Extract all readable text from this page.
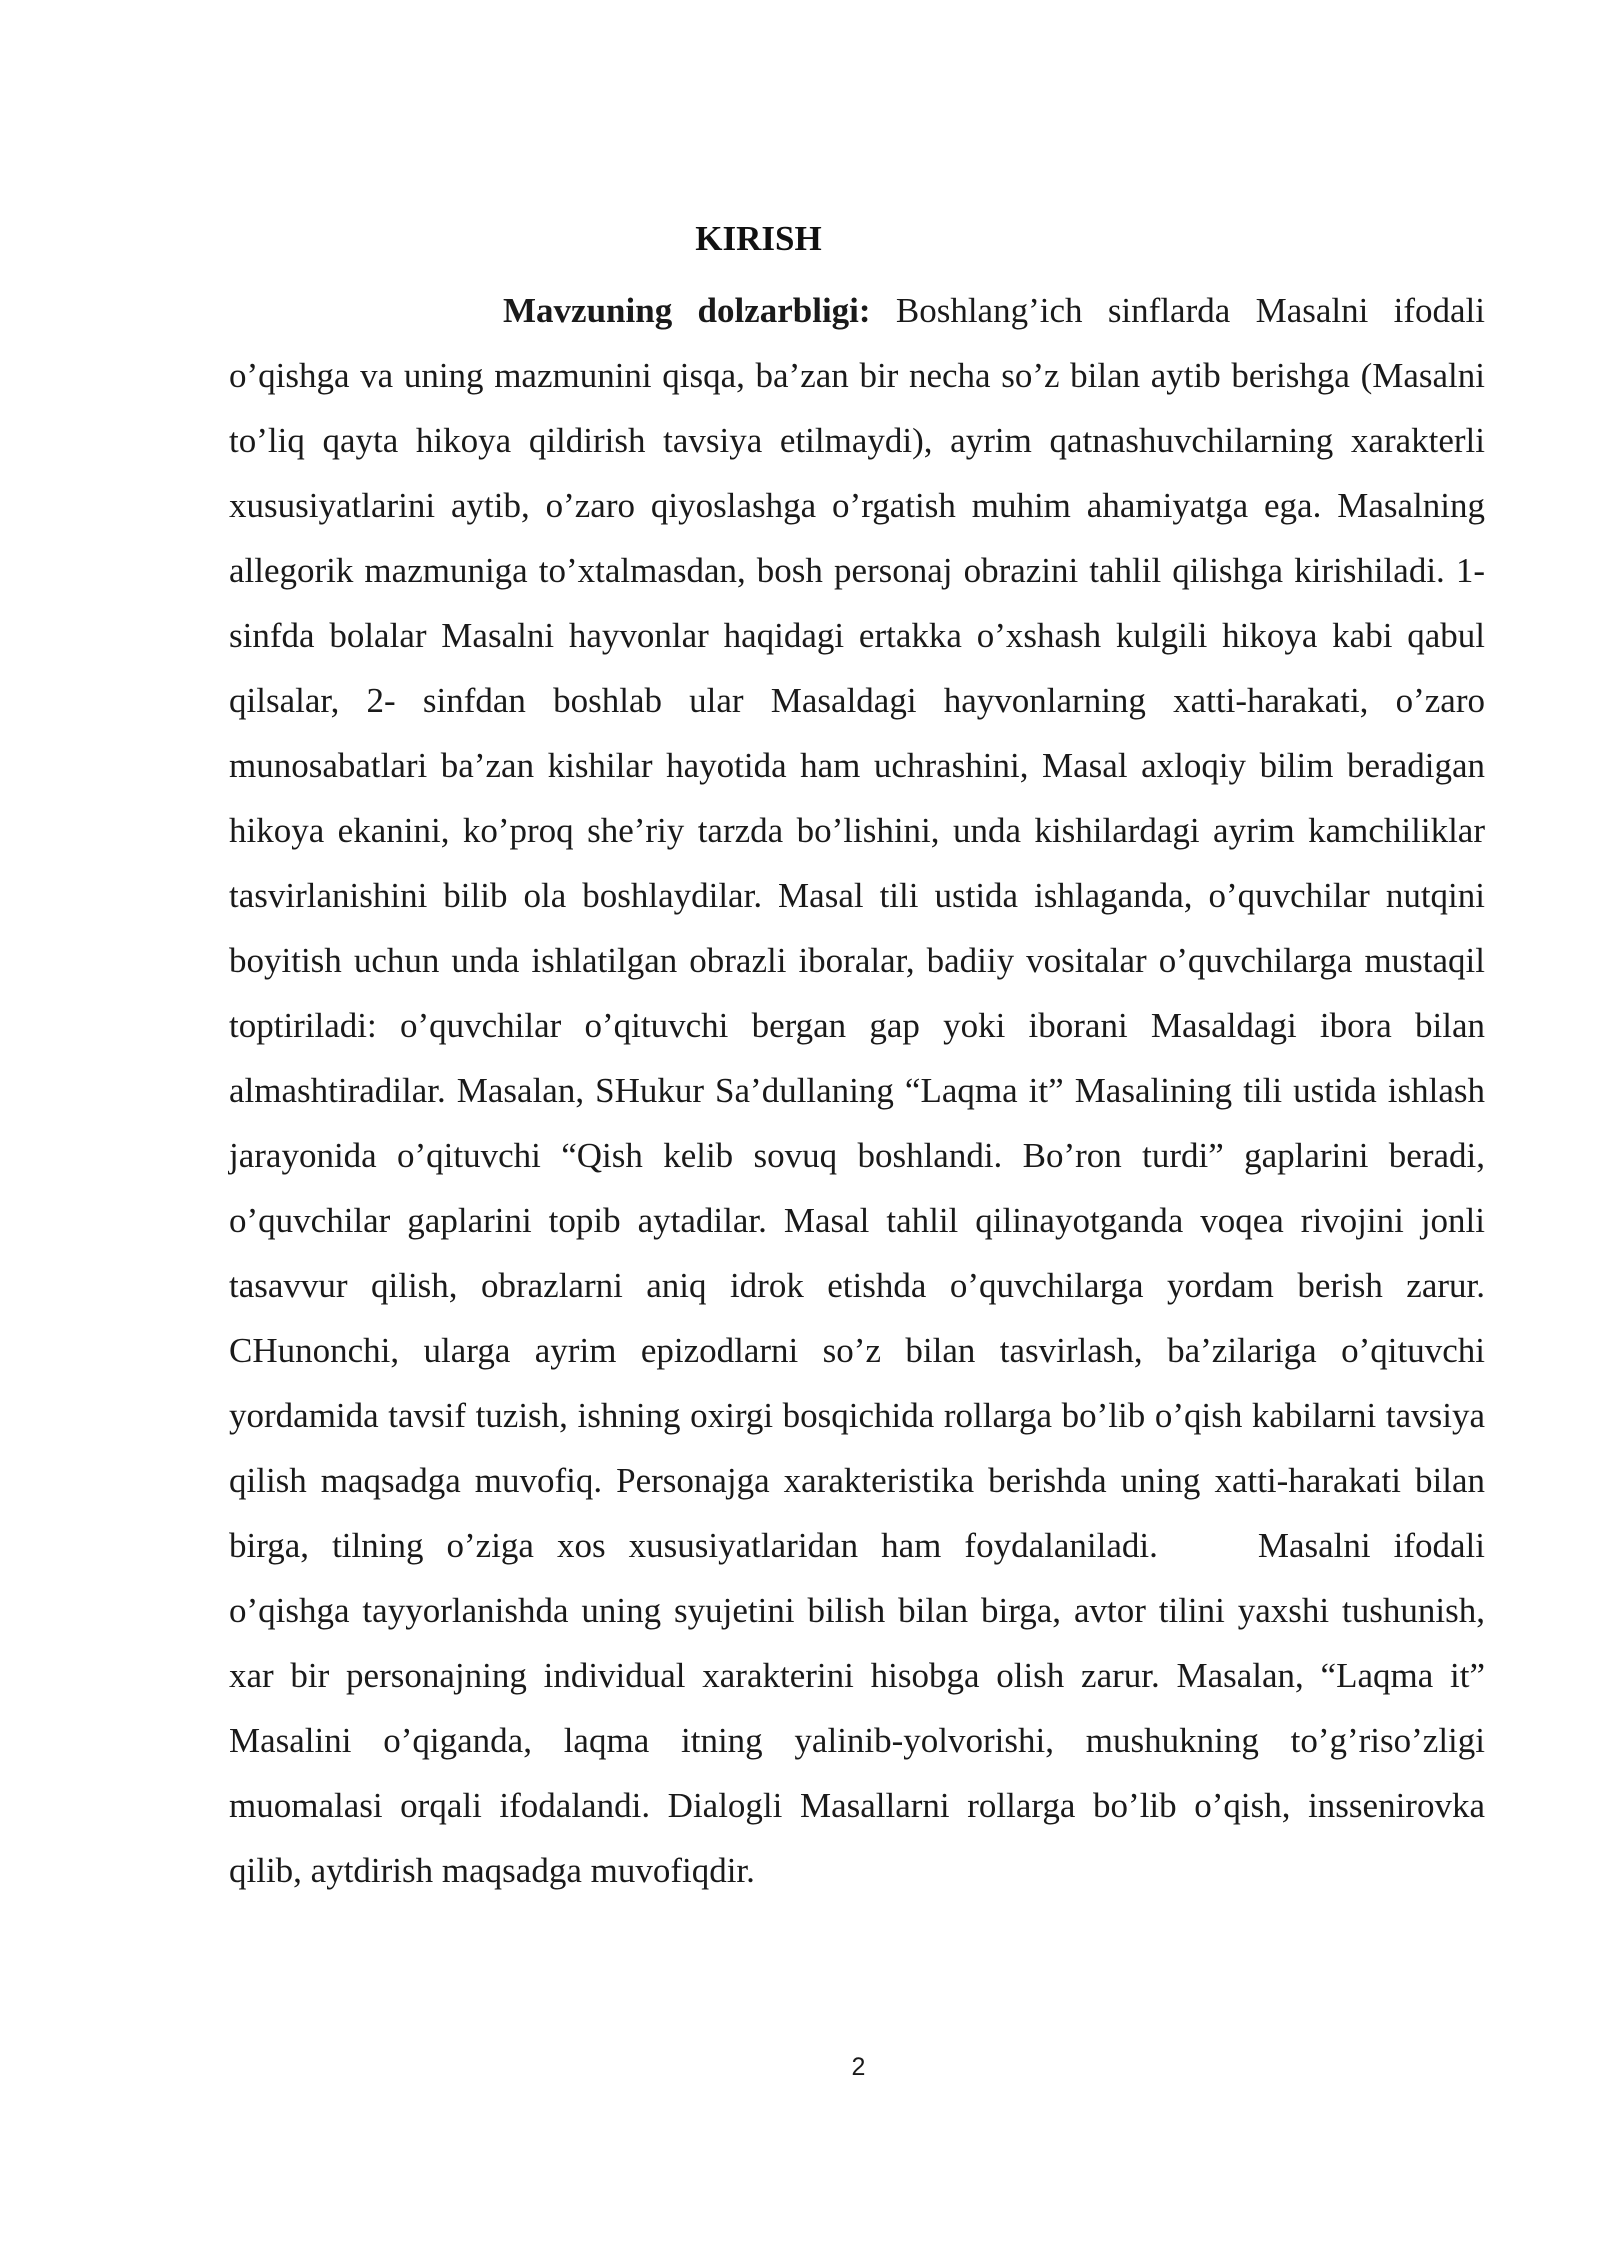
KIRISH

Mavzuning dolzarbligi: Boshlang’ich sinflarda Masalni ifodali o’qishga va uning mazmunini qisqa, ba’zan bir necha so’z bilan aytib berishga (Masalni to’liq qayta hikoya qildirish tavsiya etilmaydi), ayrim qatnashuvchilarning xarakterli xususiyatlarini aytib, o’zaro qiyoslashga o’rgatish muhim ahamiyatga ega. Masalning allegorik mazmuniga to’xtalmasdan, bosh personaj obrazini tahlil qilishga kirishiladi. 1- sinfda bolalar Masalni hayvonlar haqidagi ertakka o’xshash kulgili hikoya kabi qabul qilsalar, 2- sinfdan boshlab ular Masaldagi hayvonlarning xatti-harakati, o’zaro munosabatlari ba’zan kishilar hayotida ham uchrashini, Masal axloqiy bilim beradigan hikoya ekanini, ko’proq she’riy tarzda bo’lishini, unda kishilardagi ayrim kamchiliklar tasvirlanishini bilib ola boshlaydilar. Masal tili ustida ishlaganda, o’quvchilar nutqini boyitish uchun unda ishlatilgan obrazli iboralar, badiiy vositalar o’quvchilarga mustaqil toptiriladi: o’quvchilar o’qituvchi bergan gap yoki iborani Masaldagi ibora bilan almashtiradilar. Masalan, SHukur Sa’dullaning “Laqma it” Masalining tili ustida ishlash jarayonida o’qituvchi “Qish kelib sovuq boshlandi. Bo’ron turdi” gaplarini beradi, o’quvchilar gaplarini topib aytadilar. Masal tahlil qilinayotganda voqea rivojini jonli tasavvur qilish, obrazlarni aniq idrok etishda o’quvchilarga yordam berish zarur. CHunonchi, ularga ayrim epizodlarni so’z bilan tasvirlash, ba’zilariga o’qituvchi yordamida tavsif tuzish, ishning oxirgi bosqichida rollarga bo’lib o’qish kabilarni tavsiya qilish maqsadga muvofiq. Personajga xarakteristika berishda uning xatti-harakati bilan birga, tilning o’ziga xos xususiyatlaridan ham foydalaniladi.	Masalni ifodali o’qishga tayyorlanishda uning syujetini bilish bilan birga, avtor tilini yaxshi tushunish, xar bir personajning individual xarakterini hisobga olish zarur. Masalan, “Laqma it” Masalini o’qiganda, laqma itning yalinib-yolvorishi, mushukning to’g’riso’zligi muomalasi orqali ifodalandi. Dialogli Masallarni rollarga bo’lib o’qish, inssenirovka qilib, aytdirish maqsadga muvofiqdir.

2
